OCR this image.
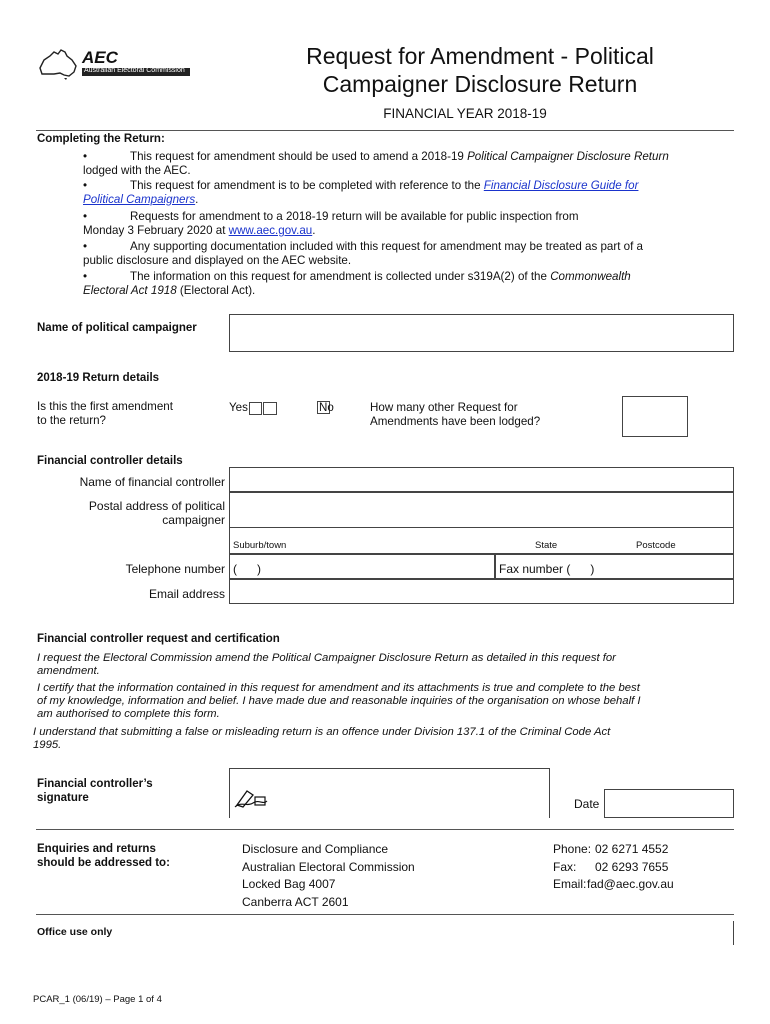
AEC
Australian Electoral Commission
Request for Amendment - Political
Campaigner Disclosure Return
FINANCIAL YEAR 2018-19
Completing the Return:
•	This request for amendment should be used to amend a 2018-19 Political Campaigner Disclosure Return
lodged with the AEC.
•	This request for amendment is to be completed with reference to the Financial Disclosure Guide for
Political Campaigners.
•	Requests for amendment to a 2018-19 return will be available for public inspection from
Monday 3 February 2020 at www.aec.gov.au.
•	Any supporting documentation included with this request for amendment may be treated as part of a
public disclosure and displayed on the AEC website.
•	The information on this request for amendment is collected under s319A(2) of the Commonwealth
Electoral Act 1918 (Electoral Act).
Name of political campaigner
2018-19 Return details
Is this the first amendment
to the return?
Yes	No	How many other Request for
Amendments have been lodged?
Financial controller details
Name of financial controller
Postal address of political
campaigner
Suburb/town	State	Postcode
Telephone number (      )	Fax number (      )
Email address
Financial controller request and certification
I request the Electoral Commission amend the Political Campaigner Disclosure Return as detailed in this request for
amendment.
I certify that the information contained in this request for amendment and its attachments is true and complete to the best
of my knowledge, information and belief. I have made due and reasonable inquiries of the organisation on whose behalf I
am authorised to complete this form.
I understand that submitting a false or misleading return is an offence under Division 137.1 of the Criminal Code Act
1995.
Financial controller’s
signature	Date
Enquiries and returns
should be addressed to:
Disclosure and Compliance
Australian Electoral Commission
Locked Bag 4007
Canberra ACT 2601
Phone: 02 6271 4552
Fax: 02 6293 7655
Email:fad@aec.gov.au
Office use only
PCAR_1 (06/19) – Page 1 of 4
